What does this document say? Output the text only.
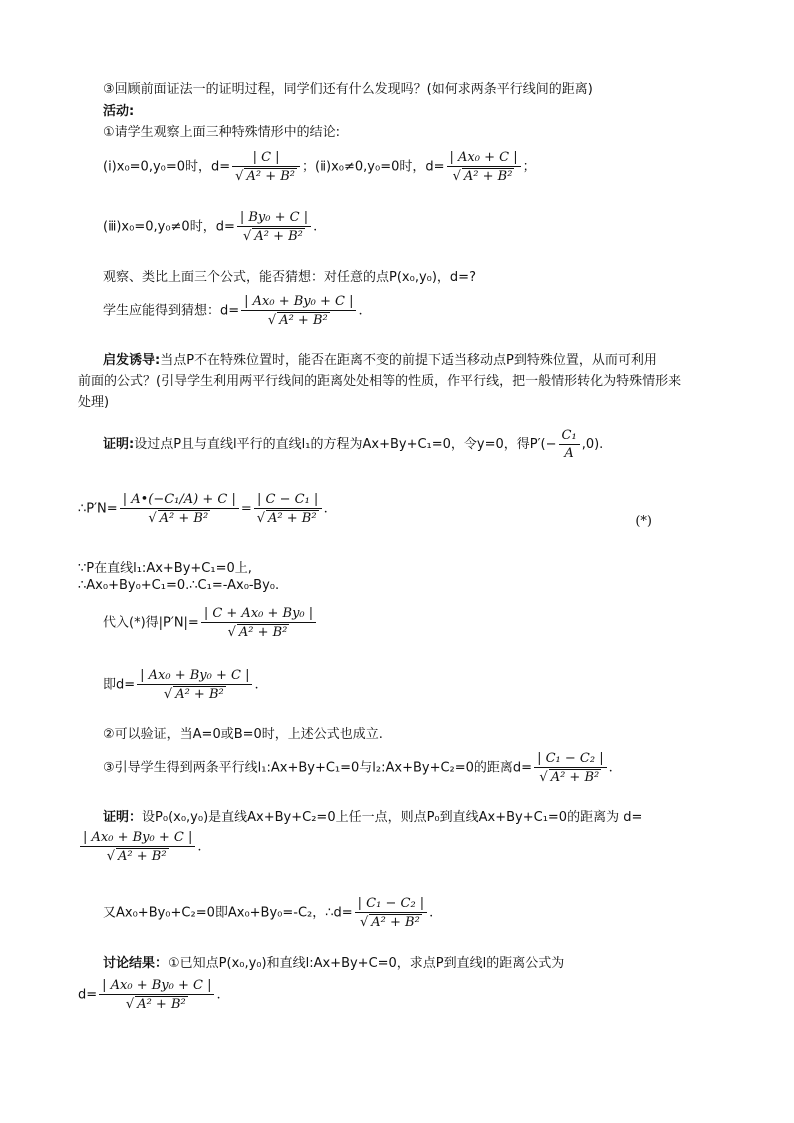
③回顾前面证法一的证明过程，同学们还有什么发现吗？(如何求两条平行线间的距离)
活动:
①请学生观察上面三种特殊情形中的结论:
(ⅰ)x₀=0,y₀=0时，$d= \frac{| C |}{\text{√ A² + B²}}$ ；(ⅱ)x₀≠0,y₀=0时，$d= \frac{\text{| Ax₀ + C |}}{\text{√ A² + B²}}$ ；
(ⅲ)x₀=0,y₀≠0时，$d= \frac{\text{| By₀ + C |}}{\text{√ A² + B²}}$ .
观察、类比上面三个公式，能否猜想：对任意的点P(x₀,y₀)，d=?
学生应能得到猜想：$d= \frac{\text{| Ax₀ + By₀ + C |}}{\text{√ A² + B²}}$ .
启发诱导:当点P不在特殊位置时，能否在距离不变的前提下适当移动点P到特殊位置，从而可利用
前面的公式？(引导学生利用两平行线间的距离处处相等的性质，作平行线，把一般情形转化为特殊情形来
处理)
证明:设过点P且与直线l平行的直线l₁的方程为Ax+By+C₁=0，令y=0，得$P'(- \frac{\text{C₁}}{A} ,0)$.
∴P′N= $\frac{\text{| A•(−C₁/A) + C |}}{\text{√ A² + B²}} = \frac{\text{| C − C₁ |}}{\text{√ A² + B²}}$ .
(*)
∵P在直线l₁:Ax+By+C₁=0上,
∴Ax₀+By₀+C₁=0.∴C₁=-Ax₀-By₀.
代入(*)得$|P'N|= \frac{\text{| C + Ax₀ + By₀ |}}{\text{√ A² + B²}}$
即$d= \frac{\text{| Ax₀ + By₀ + C |}}{\text{√ A² + B²}}$ .
②可以验证，当A=0或B=0时，上述公式也成立.
③引导学生得到两条平行线l₁:Ax+By+C₁=0与l₂:Ax+By+C₂=0的距离$d= \frac{\text{| C₁ − C₂ |}}{\text{√ A² + B²}}$ .
证明：设P₀(x₀,y₀)是直线Ax+By+C₂=0上任一点，则点P₀到直线Ax+By+C₁=0的距离为 d=
$\frac{\text{| Ax₀ + By₀ + C |}}{\text{√ A² + B²}}$ .
又Ax₀+By₀+C₂=0即Ax₀+By₀=-C₂，∴d= $\frac{\text{| C₁ − C₂ |}}{\text{√ A² + B²}}$ .
讨论结果：①已知点P(x₀,y₀)和直线l:Ax+By+C=0，求点P到直线l的距离公式为
$d= \frac{\text{| Ax₀ + By₀ + C |}}{\text{√ A² + B²}}$ .
